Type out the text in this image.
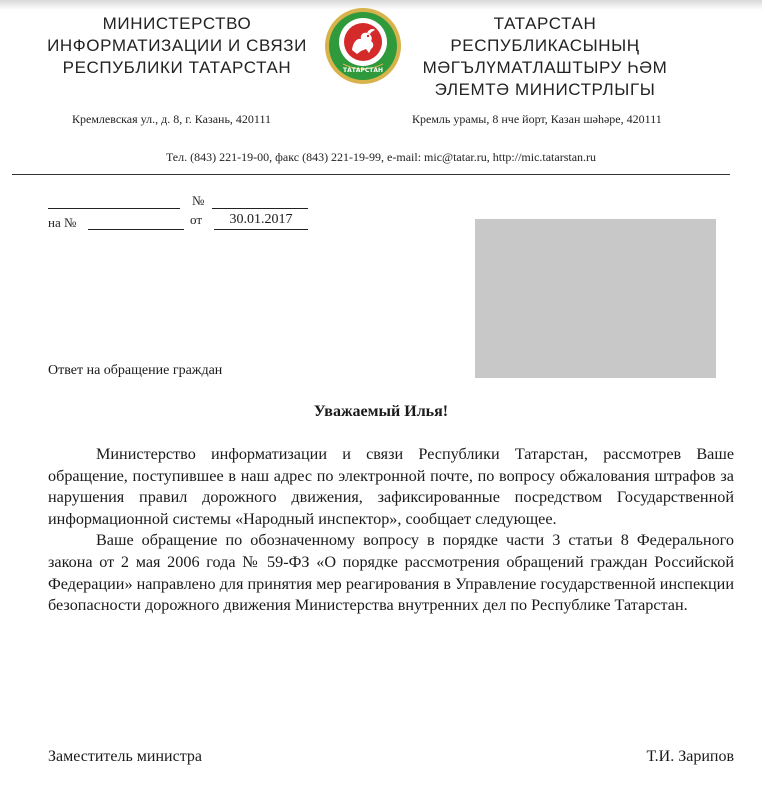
МИНИСТЕРСТВО
ИНФОРМАТИЗАЦИИ И СВЯЗИ
РЕСПУБЛИКИ ТАТАРСТАН	ТАТАРСТАН
ТАТАРСТАН
РЕСПУБЛИКАСЫНЫҢ
МӘГЪЛҮМАТЛАШТЫРУ ҺӘМ
ЭЛЕМТӘ МИНИСТРЛЫГЫ
Кремлевская ул., д. 8, г. Казань, 420111	Кремль урамы, 8 нче йорт, Казан шәһәре, 420111
Тел. (843) 221-19-00, факс (843) 221-19-99, e-mail: mic@tatar.ru, http://mic.tatarstan.ru
№
на №	от	30.01.2017
Ответ на обращение граждан
Уважаемый Илья!

Министерство информатизации и связи Республики Татарстан, рассмотрев Ваше обращение, поступившее в наш адрес по электронной почте, по вопросу обжалования штрафов за нарушения правил дорожного движения, зафиксированные посредством Государственной информационной системы «Народный инспектор», сообщает следующее.

Ваше обращение по обозначенному вопросу в порядке части 3 статьи 8 Федерального закона от 2 мая 2006 года № 59-ФЗ «О порядке рассмотрения обращений граждан Российской Федерации» направлено для принятия мер реагирования в Управление государственной инспекции безопасности дорожного движения Министерства внутренних дел по Республике Татарстан.

Заместитель министра	Т.И. Зарипов
